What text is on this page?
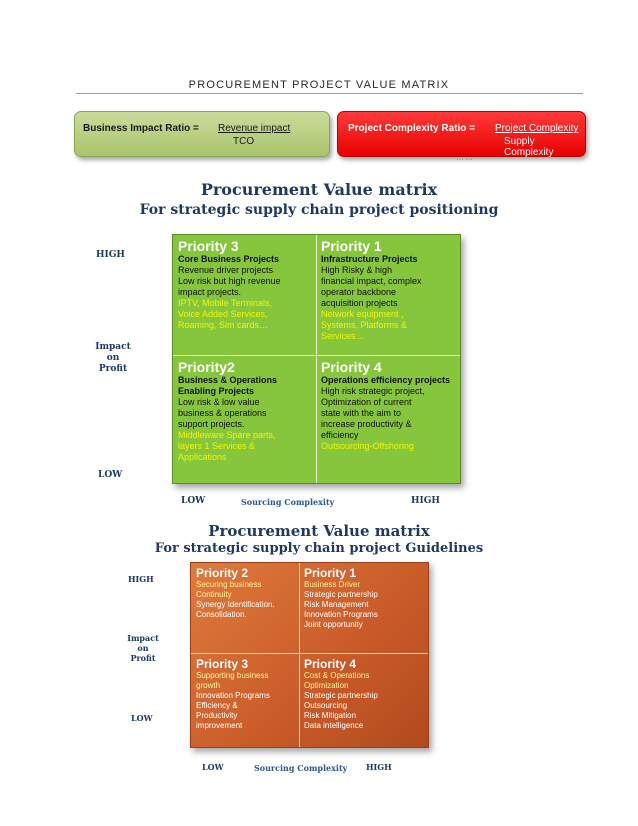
PROCUREMENT PROJECT VALUE MATRIX
Business Impact Ratio = Revenue impact
TCO
Project Complexity Ratio = Project Complexity
Supply Complexity
……
Procurement Value matrix
For strategic supply chain project positioning
HIGH
Impact
on
Profit
LOW
Priority 3
Core Business Projects
Revenue driver projects
Low risk but high revenue
impact projects.
IPTV, Mobile Terminals,
Voice Added Services,
Roaming, Sim cards…
Priority 1
Infrastructure Projects
High Risky & high
financial impact, complex
operator backbone
acquisition projects
Network equipment ,
Systems, Platforms &
Services…
Priority2
Business & Operations Enabling Projects
Low risk & low value
business & operations
support projects.
Middleware Spare parts,
layers 1 Services &
Applications
Priority 4
Operations efficiency projects
High risk strategic project,
Optimization of current
state with the aim to
increase productivity &
efficiency
Outsourcing-Offshoring
LOW	Sourcing Complexity	HIGH
Procurement Value matrix
For strategic supply chain project Guidelines
HIGH
Impact
on
Profit
LOW
Priority 2
Securing business
Continuity
Synergy Identification.
Consolidation.
Priority 1
Business Driver
Strategic partnership
Risk Management
Innovation Programs
Joint opportunity
Priority 3
Supporting business
growth
Innovation Programs
Efficiency &
Productivity
improvement
Priority 4
Cost & Operations
Optimization
Strategic partnership
Outsourcing
Risk Mitigation
Data intelligence
LOW	Sourcing Complexity HIGH
